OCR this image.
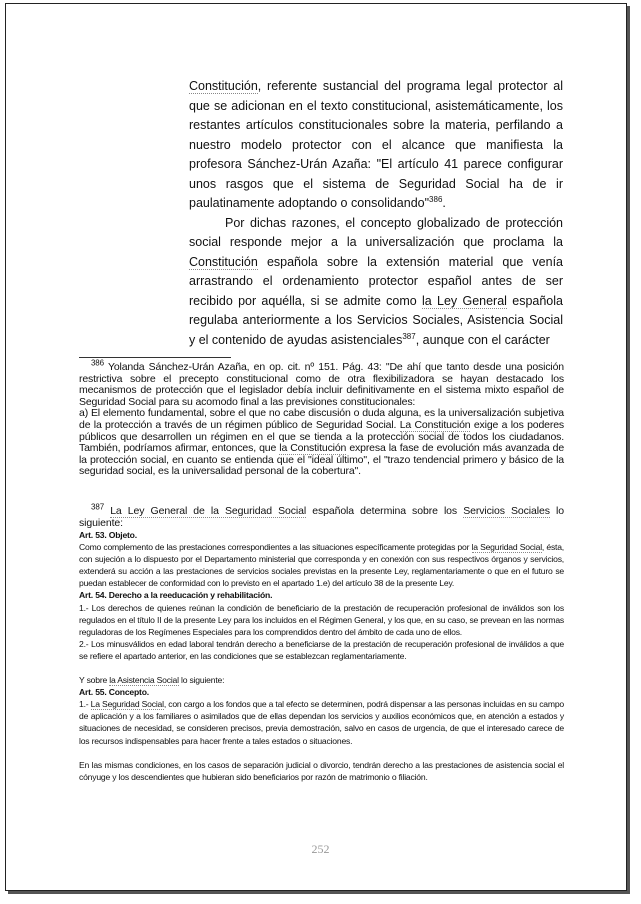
Constitución, referente sustancial del programa legal protector al que se adicionan en el texto constitucional, asistemáticamente, los restantes artículos constitucionales sobre la materia, perfilando a nuestro modelo protector con el alcance que manifiesta la profesora Sánchez-Urán Azaña: "El artículo 41 parece configurar unos rasgos que el sistema de Seguridad Social ha de ir paulatinamente adoptando o consolidando"$^{386}$.

Por dichas razones, el concepto globalizado de protección social responde mejor a la universalización que proclama la Constitución española sobre la extensión material que venía arrastrando el ordenamiento protector español antes de ser recibido por aquélla, si se admite como la Ley General española regulaba anteriormente a los Servicios Sociales, Asistencia Social y el contenido de ayudas asistenciales$^{387}$, aunque con el carácter

$^{386}$ Yolanda Sánchez-Urán Azaña, en op. cit. nº 151. Pág. 43: "De ahí que tanto desde una posición restrictiva sobre el precepto constitucional como de otra flexibilizadora se hayan destacado los mecanismos de protección que el legislador debía incluir definitivamente en el sistema mixto español de Seguridad Social para su acomodo final a las previsiones constitucionales:

a) El elemento fundamental, sobre el que no cabe discusión o duda alguna, es la universalización subjetiva de la protección a través de un régimen público de Seguridad Social. La Constitución exige a los poderes públicos que desarrollen un régimen en el que se tienda a la protección social de todos los ciudadanos. También, podríamos afirmar, entonces, que la Constitución expresa la fase de evolución más avanzada de la protección social, en cuanto se entienda que el "ideal último", el "trazo tendencial primero y básico de la seguridad social, es la universalidad personal de la cobertura".

$^{387}$ La Ley General de la Seguridad Social española determina sobre los Servicios Sociales lo siguiente:

Art. 53. Objeto.

Como complemento de las prestaciones correspondientes a las situaciones específicamente protegidas por la Seguridad Social, ésta, con sujeción a lo dispuesto por el Departamento ministerial que corresponda y en conexión con sus respectivos órganos y servicios, extenderá su acción a las prestaciones de servicios sociales previstas en la presente Ley, reglamentariamente o que en el futuro se puedan establecer de conformidad con lo previsto en el apartado 1.e) del artículo 38 de la presente Ley.

Art. 54. Derecho a la reeducación y rehabilitación.

1.- Los derechos de quienes reúnan la condición de beneficiario de la prestación de recuperación profesional de inválidos son los regulados en el título II de la presente Ley para los incluidos en el Régimen General, y los que, en su caso, se prevean en las normas reguladoras de los Regímenes Especiales para los comprendidos dentro del ámbito de cada uno de ellos.

2.- Los minusválidos en edad laboral tendrán derecho a beneficiarse de la prestación de recuperación profesional de inválidos a que se refiere el apartado anterior, en las condiciones que se establezcan reglamentariamente.

Y sobre la Asistencia Social lo siguiente:

Art. 55. Concepto.

1.- La Seguridad Social, con cargo a los fondos que a tal efecto se determinen, podrá dispensar a las personas incluidas en su campo de aplicación y a los familiares o asimilados que de ellas dependan los servicios y auxilios económicos que, en atención a estados y situaciones de necesidad, se consideren precisos, previa demostración, salvo en casos de urgencia, de que el interesado carece de los recursos indispensables para hacer frente a tales estados o situaciones.

En las mismas condiciones, en los casos de separación judicial o divorcio, tendrán derecho a las prestaciones de asistencia social el cónyuge y los descendientes que hubieran sido beneficiarios por razón de matrimonio o filiación.

252
